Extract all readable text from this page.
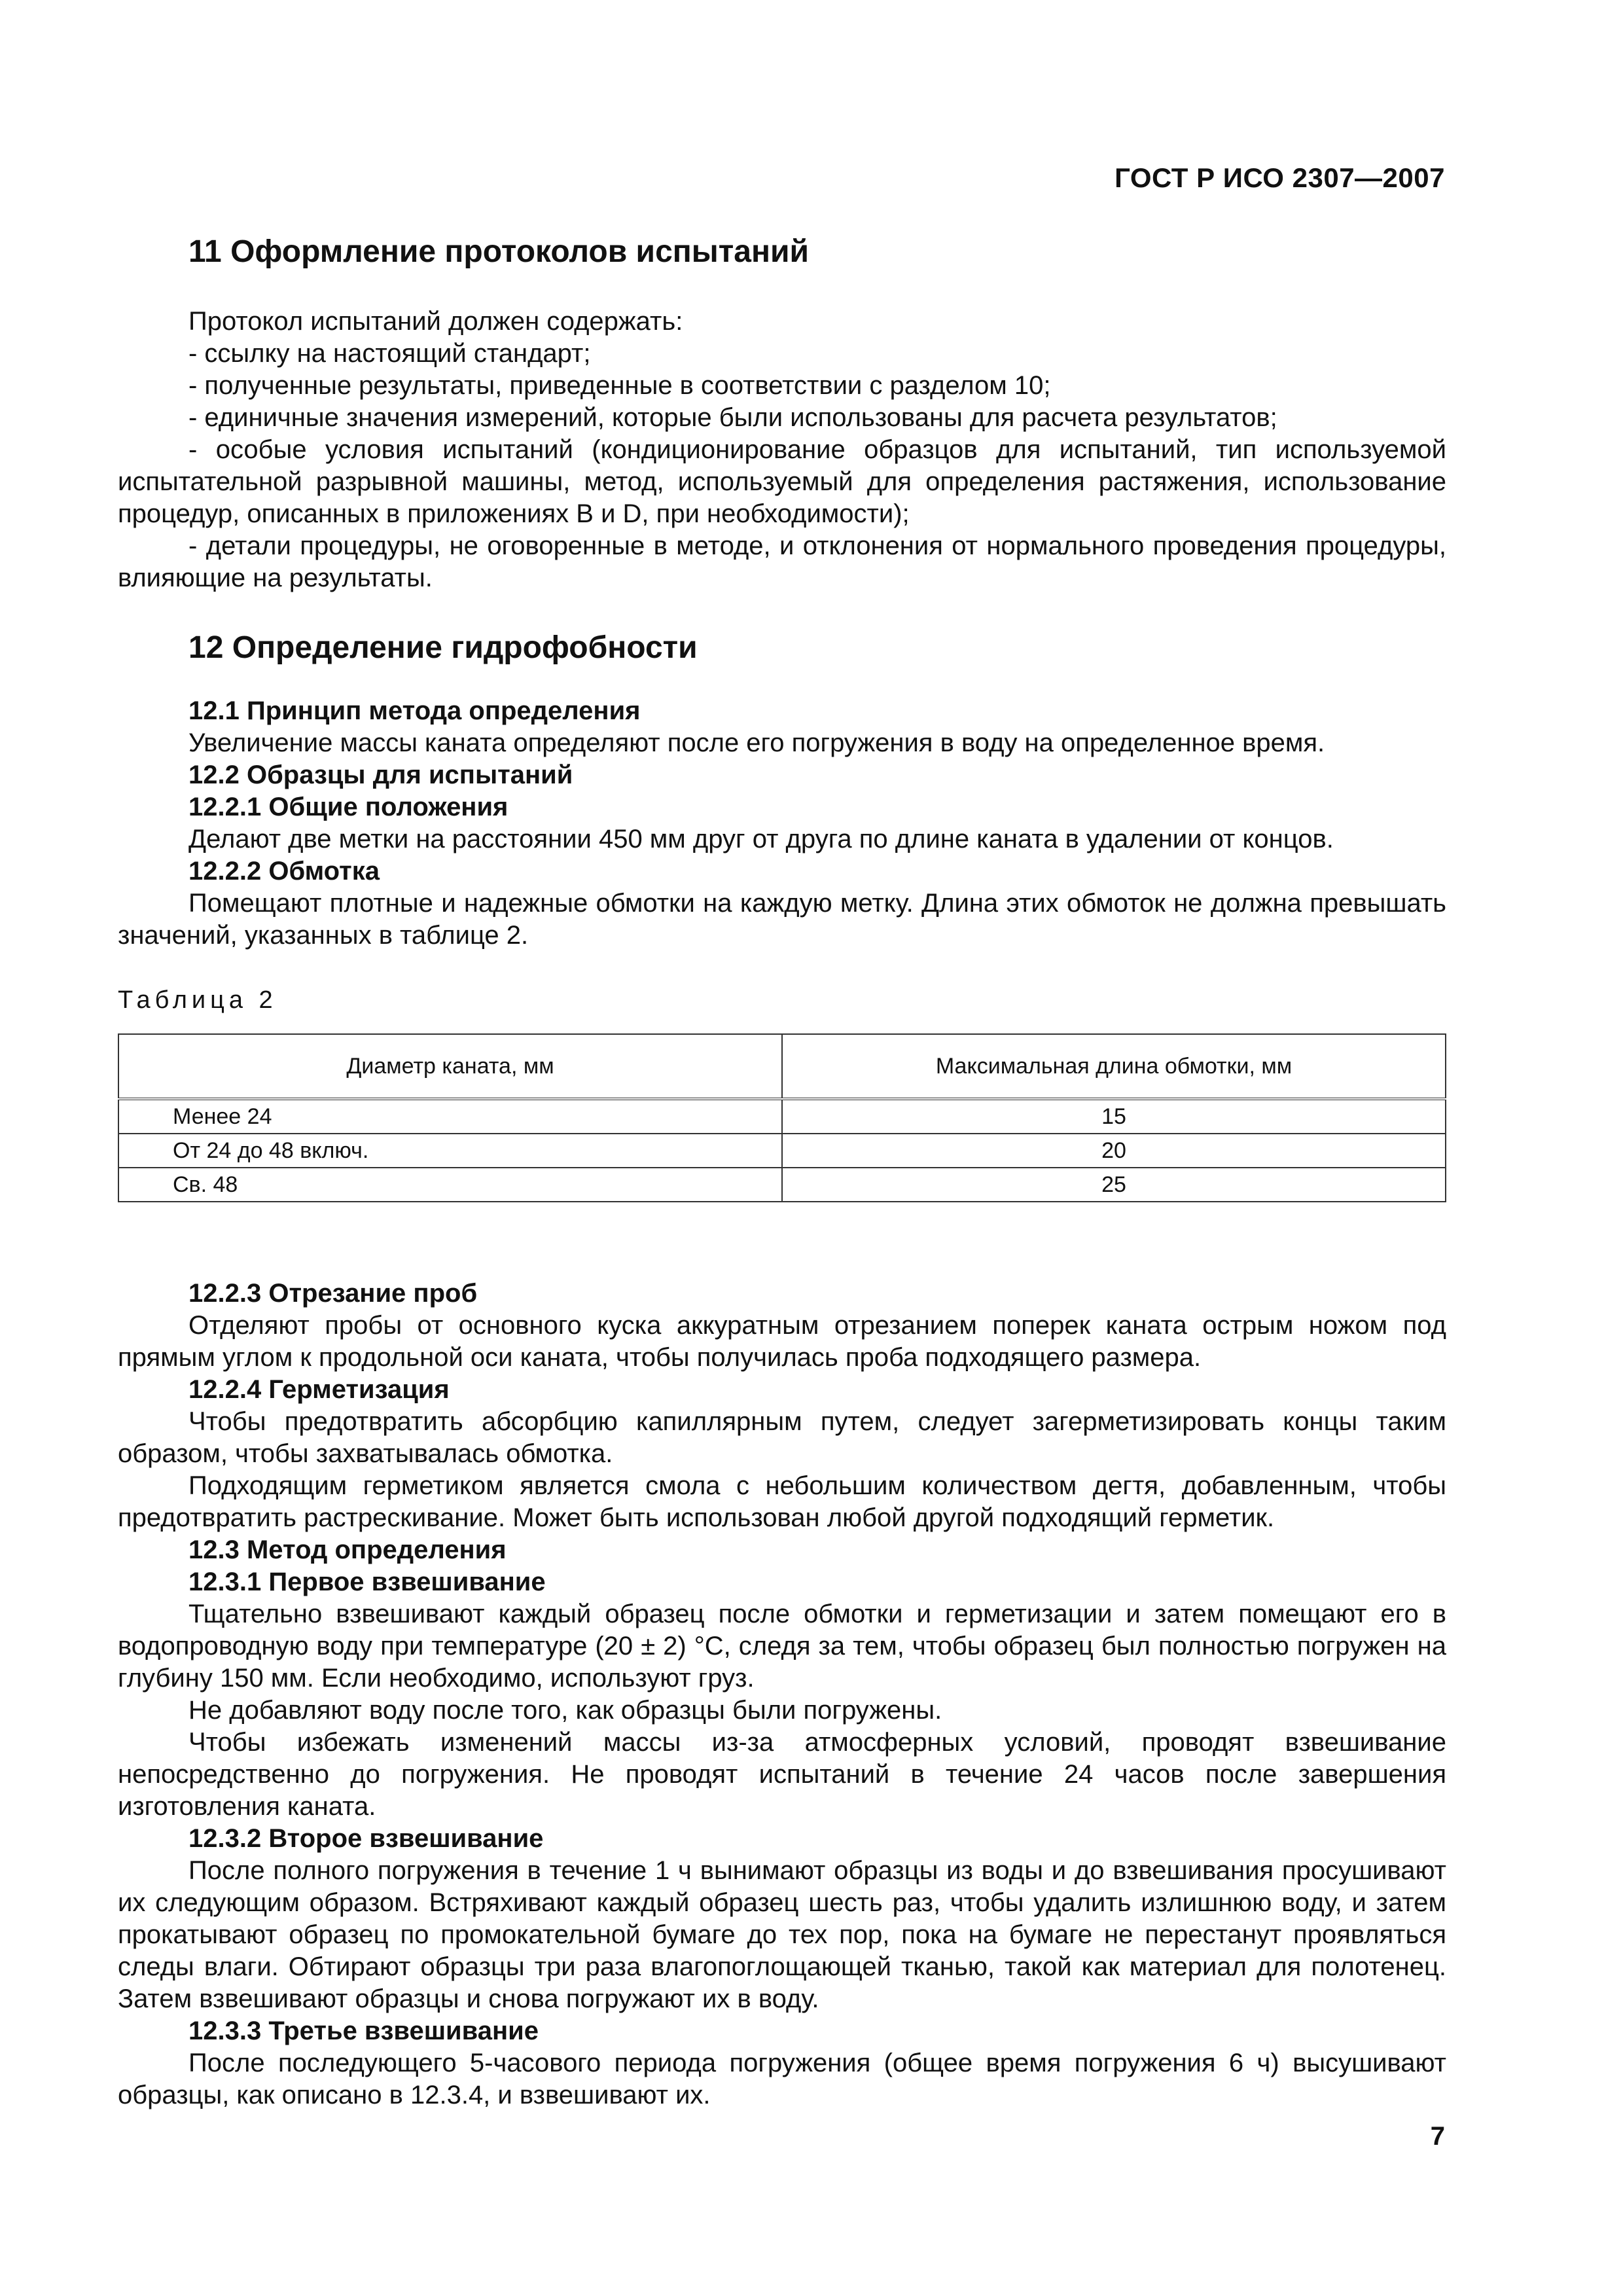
ГОСТ Р ИСО 2307—2007
11 Оформление протоколов испытаний

Протокол испытаний должен содержать:

- ссылку на настоящий стандарт;

- полученные результаты, приведенные в соответствии с разделом 10;

- единичные значения измерений, которые были использованы для расчета результатов;

- особые условия испытаний (кондиционирование образцов для испытаний, тип используемой испытательной разрывной машины, метод, используемый для определения растяжения, использование процедур, описанных в приложениях В и D, при необходимости);

- детали процедуры, не оговоренные в методе, и отклонения от нормального проведения процедуры, влияющие на результаты.

12 Определение гидрофобности
12.1 Принцип метода определения

Увеличение массы каната определяют после его погружения в воду на определенное время.

12.2 Образцы для испытаний
12.2.1 Общие положения

Делают две метки на расстоянии 450 мм друг от друга по длине каната в удалении от концов.

12.2.2 Обмотка

Помещают плотные и надежные обмотки на каждую метку. Длина этих обмоток не должна превышать значений, указанных в таблице 2.

Таблица 2
Диаметр каната, мм	Максимальная длина обмотки, мм
Менее 24	15
От 24 до 48 включ.	20
Св. 48	25
12.2.3 Отрезание проб

Отделяют пробы от основного куска аккуратным отрезанием поперек каната острым ножом под прямым углом к продольной оси каната, чтобы получилась проба подходящего размера.

12.2.4 Герметизация

Чтобы предотвратить абсорбцию капиллярным путем, следует загерметизировать концы таким образом, чтобы захватывалась обмотка.

Подходящим герметиком является смола с небольшим количеством дегтя, добавленным, чтобы предотвратить растрескивание. Может быть использован любой другой подходящий герметик.

12.3 Метод определения
12.3.1 Первое взвешивание

Тщательно взвешивают каждый образец после обмотки и герметизации и затем помещают его в водопроводную воду при температуре (20 ± 2) °С, следя за тем, чтобы образец был полностью погружен на глубину 150 мм. Если необходимо, используют груз.

Не добавляют воду после того, как образцы были погружены.

Чтобы избежать изменений массы из-за атмосферных условий, проводят взвешивание непосредственно до погружения. Не проводят испытаний в течение 24 часов после завершения изготовления каната.

12.3.2 Второе взвешивание

После полного погружения в течение 1 ч вынимают образцы из воды и до взвешивания просушивают их следующим образом. Встряхивают каждый образец шесть раз, чтобы удалить излишнюю воду, и затем прокатывают образец по промокательной бумаге до тех пор, пока на бумаге не перестанут проявляться следы влаги. Обтирают образцы три раза влагопоглощающей тканью, такой как материал для полотенец. Затем взвешивают образцы и снова погружают их в воду.

12.3.3 Третье взвешивание

После последующего 5-часового периода погружения (общее время погружения 6 ч) высушивают образцы, как описано в 12.3.4, и взвешивают их.

7
